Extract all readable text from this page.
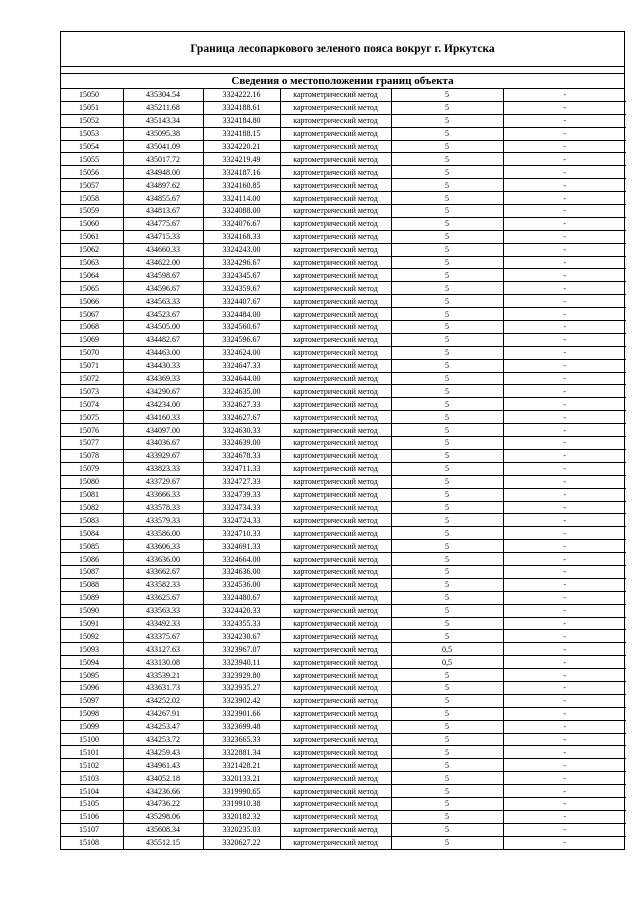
Граница лесопаркового зеленого пояса вокруг г. Иркутска
Сведения о местоположении границ объекта
15050	435304.54	3324222.16	картометрический метод	5	-
15051	435211.68	3324188.61	картометрический метод	5	-
15052	435143.34	3324184.80	картометрический метод	5	-
15053	435095.38	3324188.15	картометрический метод	5	-
15054	435041.09	3324220.21	картометрический метод	5	-
15055	435017.72	3324219.49	картометрический метод	5	-
15056	434948.00	3324187.16	картометрический метод	5	-
15057	434897.62	3324160.85	картометрический метод	5	-
15058	434855.67	3324114.00	картометрический метод	5	-
15059	434813.67	3324088.00	картометрический метод	5	-
15060	434775.67	3324076.67	картометрический метод	5	-
15061	434715.33	3324168.33	картометрический метод	5	-
15062	434660.33	3324243.00	картометрический метод	5	-
15063	434622.00	3324296.67	картометрический метод	5	-
15064	434598.67	3324345.67	картометрический метод	5	-
15065	434596.67	3324359.67	картометрический метод	5	-
15066	434563.33	3324407.67	картометрический метод	5	-
15067	434523.67	3324484.00	картометрический метод	5	-
15068	434505.00	3324560.67	картометрический метод	5	-
15069	434482.67	3324596.67	картометрический метод	5	-
15070	434463.00	3324624.00	картометрический метод	5	-
15071	434430.33	3324647.33	картометрический метод	5	-
15072	434369.33	3324644.00	картометрический метод	5	-
15073	434290.67	3324635.00	картометрический метод	5	-
15074	434234.00	3324627.33	картометрический метод	5	-
15075	434160.33	3324627.67	картометрический метод	5	-
15076	434097.00	3324630.33	картометрический метод	5	-
15077	434036.67	3324639.00	картометрический метод	5	-
15078	433929.67	3324678.33	картометрический метод	5	-
15079	433823.33	3324711.33	картометрический метод	5	-
15080	433729.67	3324727.33	картометрический метод	5	-
15081	433666.33	3324739.33	картометрический метод	5	-
15082	433578.33	3324734.33	картометрический метод	5	-
15083	433579.33	3324724.33	картометрический метод	5	-
15084	433586.00	3324710.33	картометрический метод	5	-
15085	433606.33	3324691.33	картометрический метод	5	-
15086	433636.00	3324664.00	картометрический метод	5	-
15087	433662.67	3324636.00	картометрический метод	5	-
15088	433582.33	3324536.00	картометрический метод	5	-
15089	433625.67	3324480.67	картометрический метод	5	-
15090	433563.33	3324420.33	картометрический метод	5	-
15091	433492.33	3324355.33	картометрический метод	5	-
15092	433375.67	3324230.67	картометрический метод	5	-
15093	433127.63	3323967.07	картометрический метод	0,5	-
15094	433130.08	3323940.11	картометрический метод	0,5	-
15095	433539.21	3323929.80	картометрический метод	5	-
15096	433631.73	3323935.27	картометрический метод	5	-
15097	434252.02	3323902.42	картометрический метод	5	-
15098	434267.91	3323901.66	картометрический метод	5	-
15099	434253.47	3323699.48	картометрический метод	5	-
15100	434253.72	3323665.33	картометрический метод	5	-
15101	434259.43	3322881.34	картометрический метод	5	-
15102	434961.43	3321428.21	картометрический метод	5	-
15103	434052.18	3320133.21	картометрический метод	5	-
15104	434236.66	3319990.65	картометрический метод	5	-
15105	434736.22	3319910.38	картометрический метод	5	-
15106	435298.06	3320182.32	картометрический метод	5	-
15107	435608.34	3320235.03	картометрический метод	5	-
15108	435512.15	3320627.22	картометрический метод	5	-
